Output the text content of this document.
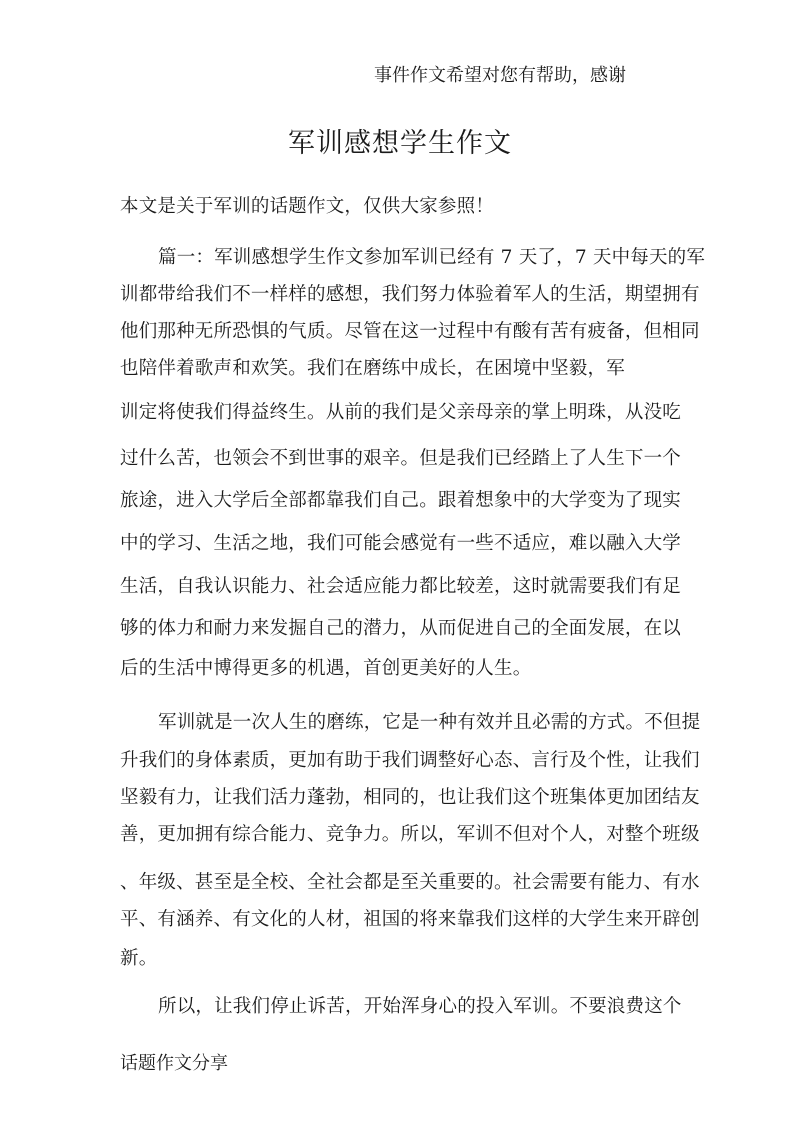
事件作文希望对您有帮助，感谢
军训感想学生作文
本文是关于军训的话题作文，仅供大家参照！
篇一：军训感想学生作文参加军训已经有 7 天了，7 天中每天的军
训都带给我们不一样样的感想，我们努力体验着军人的生活，期望拥有
他们那种无所恐惧的气质。尽管在这一过程中有酸有苦有疲备，但相同
也陪伴着歌声和欢笑。我们在磨练中成长，在困境中坚毅，军
训定将使我们得益终生。从前的我们是父亲母亲的掌上明珠，从没吃
过什么苦，也领会不到世事的艰辛。但是我们已经踏上了人生下一个
旅途，进入大学后全部都靠我们自己。跟着想象中的大学变为了现实
中的学习、生活之地，我们可能会感觉有一些不适应，难以融入大学
生活，自我认识能力、社会适应能力都比较差，这时就需要我们有足
够的体力和耐力来发掘自己的潜力，从而促进自己的全面发展，在以
后的生活中博得更多的机遇，首创更美好的人生。
军训就是一次人生的磨练，它是一种有效并且必需的方式。不但提
升我们的身体素质，更加有助于我们调整好心态、言行及个性，让我们
坚毅有力，让我们活力蓬勃，相同的，也让我们这个班集体更加团结友
善，更加拥有综合能力、竞争力。所以，军训不但对个人，对整个班级
、年级、甚至是全校、全社会都是至关重要的。社会需要有能力、有水
平、有涵养、有文化的人材，祖国的将来靠我们这样的大学生来开辟创
新。
所以，让我们停止诉苦，开始浑身心的投入军训。不要浪费这个
话题作文分享
